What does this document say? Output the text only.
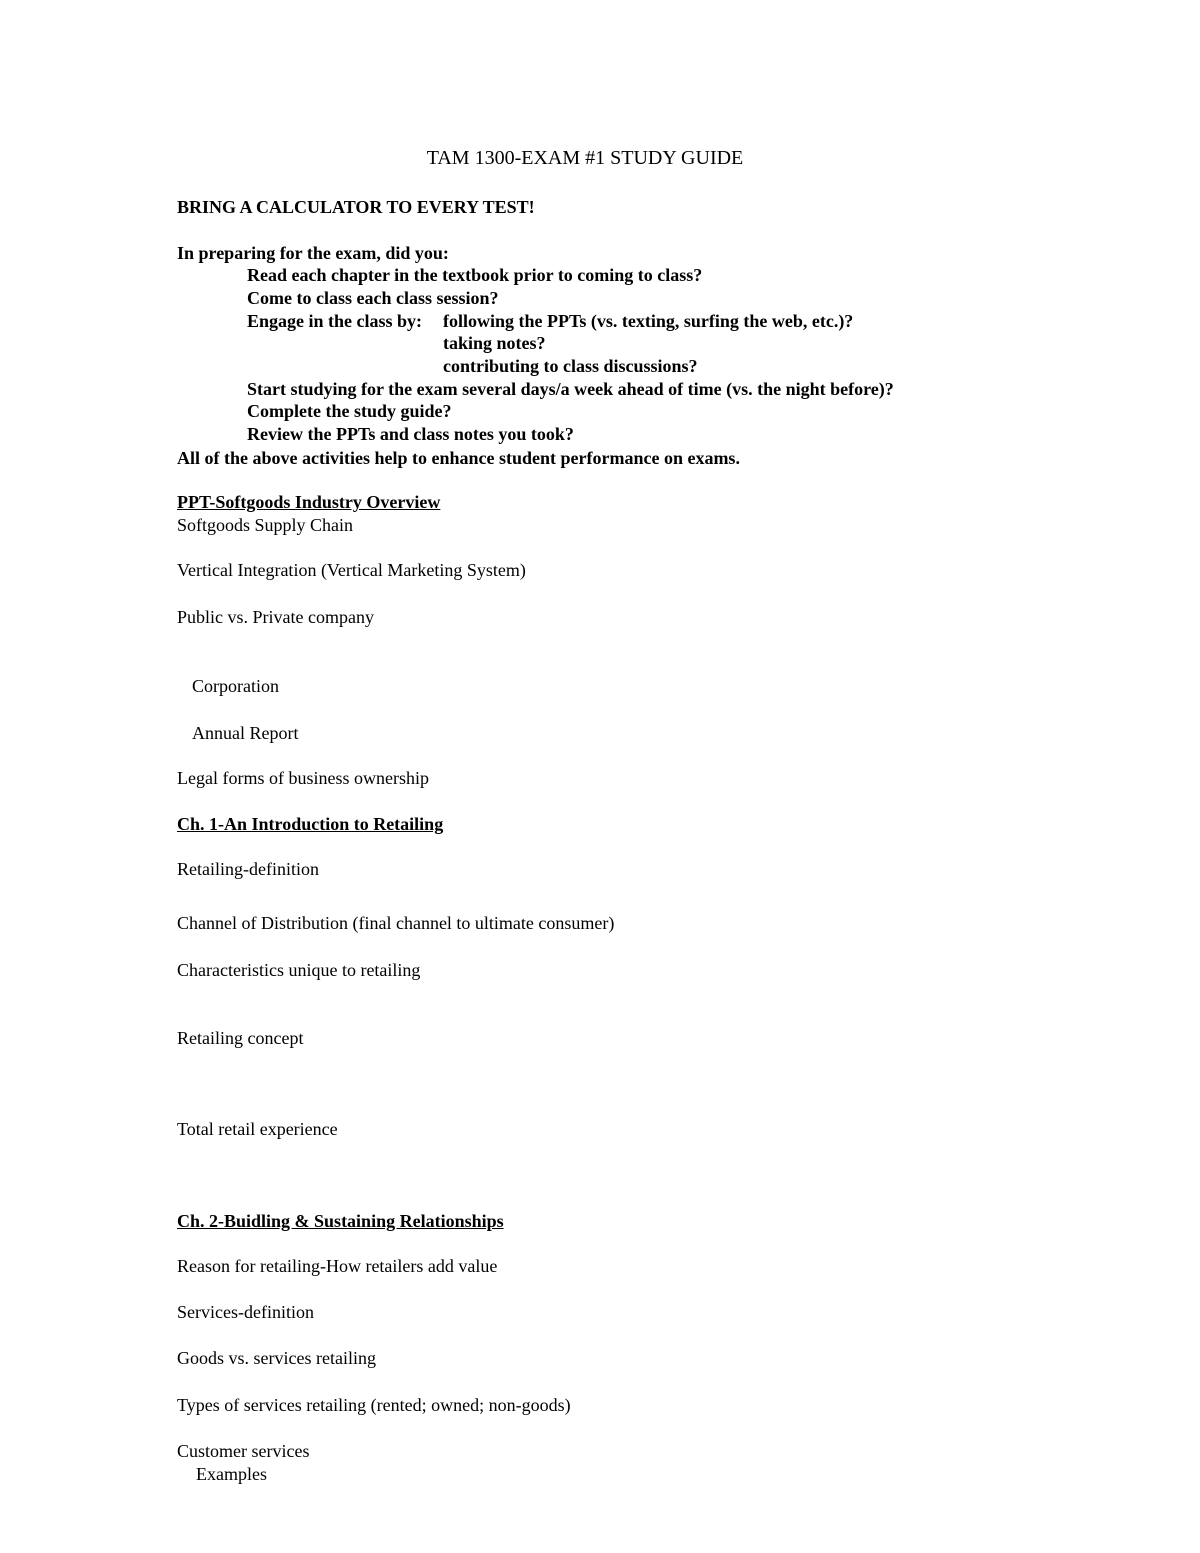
TAM 1300-EXAM #1 STUDY GUIDE
BRING A CALCULATOR TO EVERY TEST!
In preparing for the exam, did you:
Read each chapter in the textbook prior to coming to class?
Come to class each class session?
Engage in the class by: following the PPTs (vs. texting, surfing the web, etc.)?
taking notes?
contributing to class discussions?
Start studying for the exam several days/a week ahead of time (vs. the night before)?
Complete the study guide?
Review the PPTs and class notes you took?
All of the above activities help to enhance student performance on exams.
PPT-Softgoods Industry Overview
Softgoods Supply Chain
Vertical Integration (Vertical Marketing System)
Public vs. Private company
Corporation
Annual Report
Legal forms of business ownership
Ch. 1-An Introduction to Retailing
Retailing-definition
Channel of Distribution (final channel to ultimate consumer)
Characteristics unique to retailing
Retailing concept
Total retail experience
Ch. 2-Buidling & Sustaining Relationships
Reason for retailing-How retailers add value
Services-definition
Goods vs. services retailing
Types of services retailing (rented; owned; non-goods)
Customer services
Examples
